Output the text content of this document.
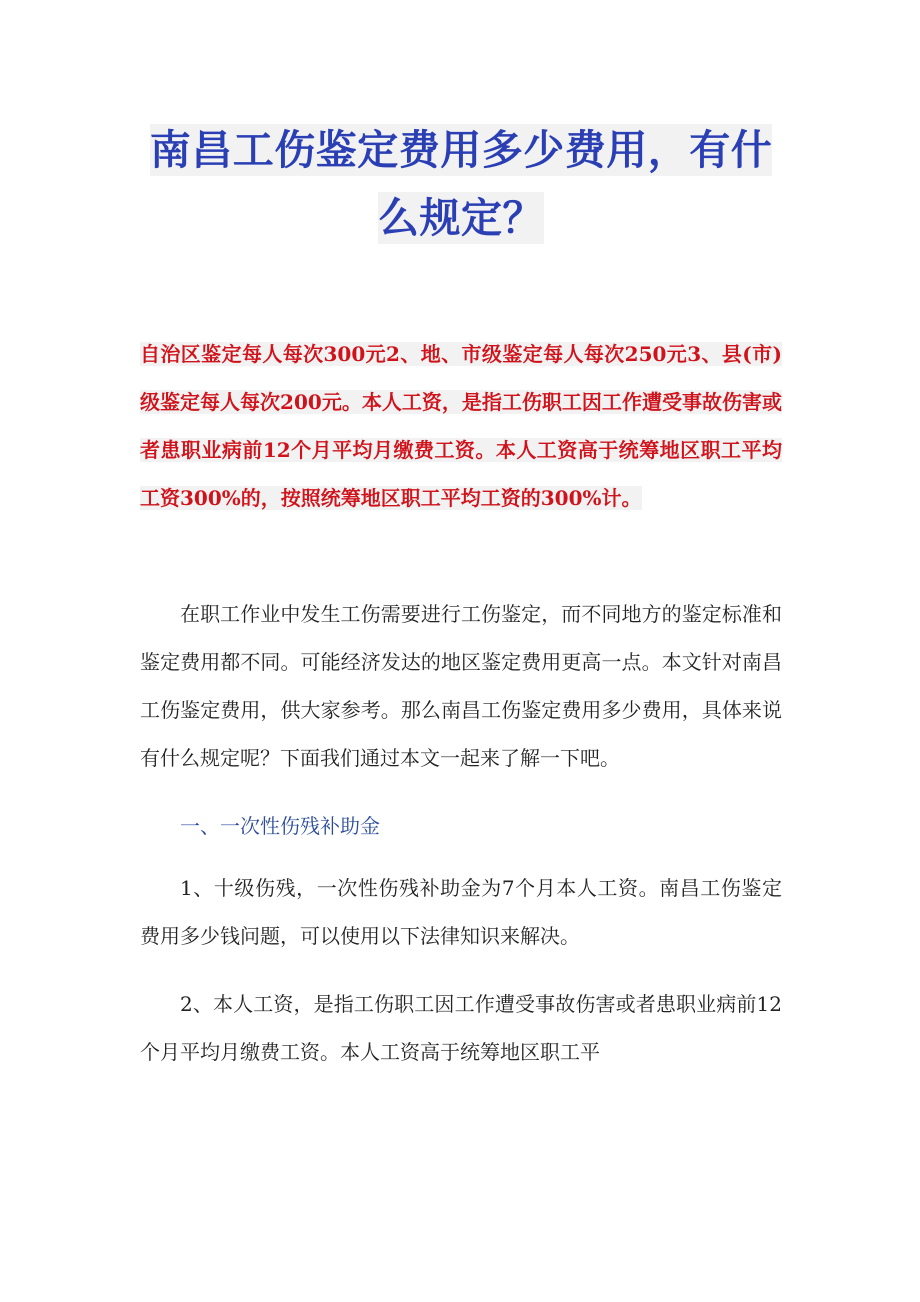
南昌工伤鉴定费用多少费用，有什么规定？
自治区鉴定每人每次300元2、地、市级鉴定每人每次250元3、县(市)级鉴定每人每次200元。本人工资，是指工伤职工因工作遭受事故伤害或者患职业病前12个月平均月缴费工资。本人工资高于统筹地区职工平均工资300%的，按照统筹地区职工平均工资的300%计。

在职工作业中发生工伤需要进行工伤鉴定，而不同地方的鉴定标准和鉴定费用都不同。可能经济发达的地区鉴定费用更高一点。本文针对南昌工伤鉴定费用，供大家参考。那么南昌工伤鉴定费用多少费用，具体来说有什么规定呢？下面我们通过本文一起来了解一下吧。

一、一次性伤残补助金

1、十级伤残，一次性伤残补助金为7个月本人工资。南昌工伤鉴定费用多少钱问题，可以使用以下法律知识来解决。

2、本人工资，是指工伤职工因工作遭受事故伤害或者患职业病前12个月平均月缴费工资。本人工资高于统筹地区职工平
